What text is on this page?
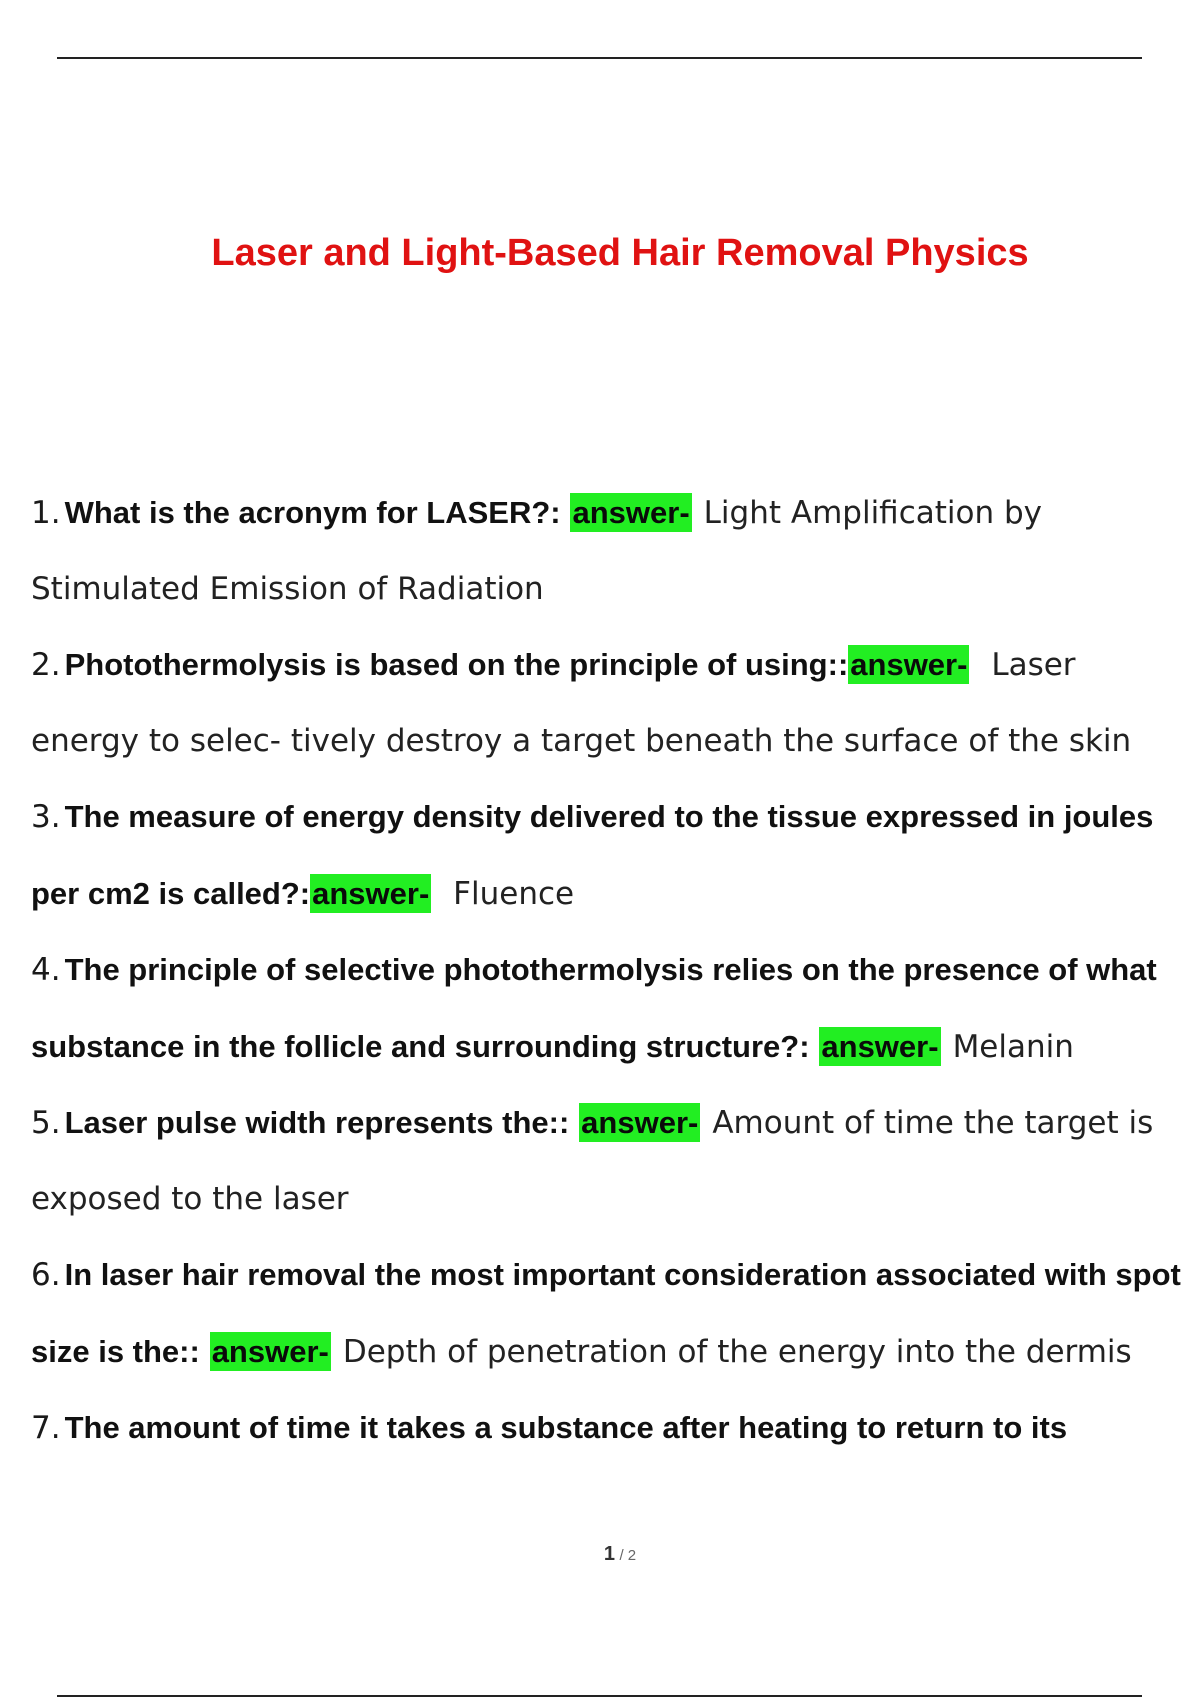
Laser and Light-Based Hair Removal Physics
1. What is the acronym for LASER?: answer- Light Amplification by Stimulated Emission of Radiation
2. Photothermolysis is based on the principle of using::answer- Laser energy to selec- tively destroy a target beneath the surface of the skin
3. The measure of energy density delivered to the tissue expressed in joules per cm2 is called?:answer- Fluence
4. The principle of selective photothermolysis relies on the presence of what substance in the follicle and surrounding structure?: answer- Melanin
5. Laser pulse width represents the:: answer- Amount of time the target is exposed to the laser
6. In laser hair removal the most important consideration associated with spot size is the:: answer- Depth of penetration of the energy into the dermis
7. The amount of time it takes a substance after heating to return to its
1 / 2
